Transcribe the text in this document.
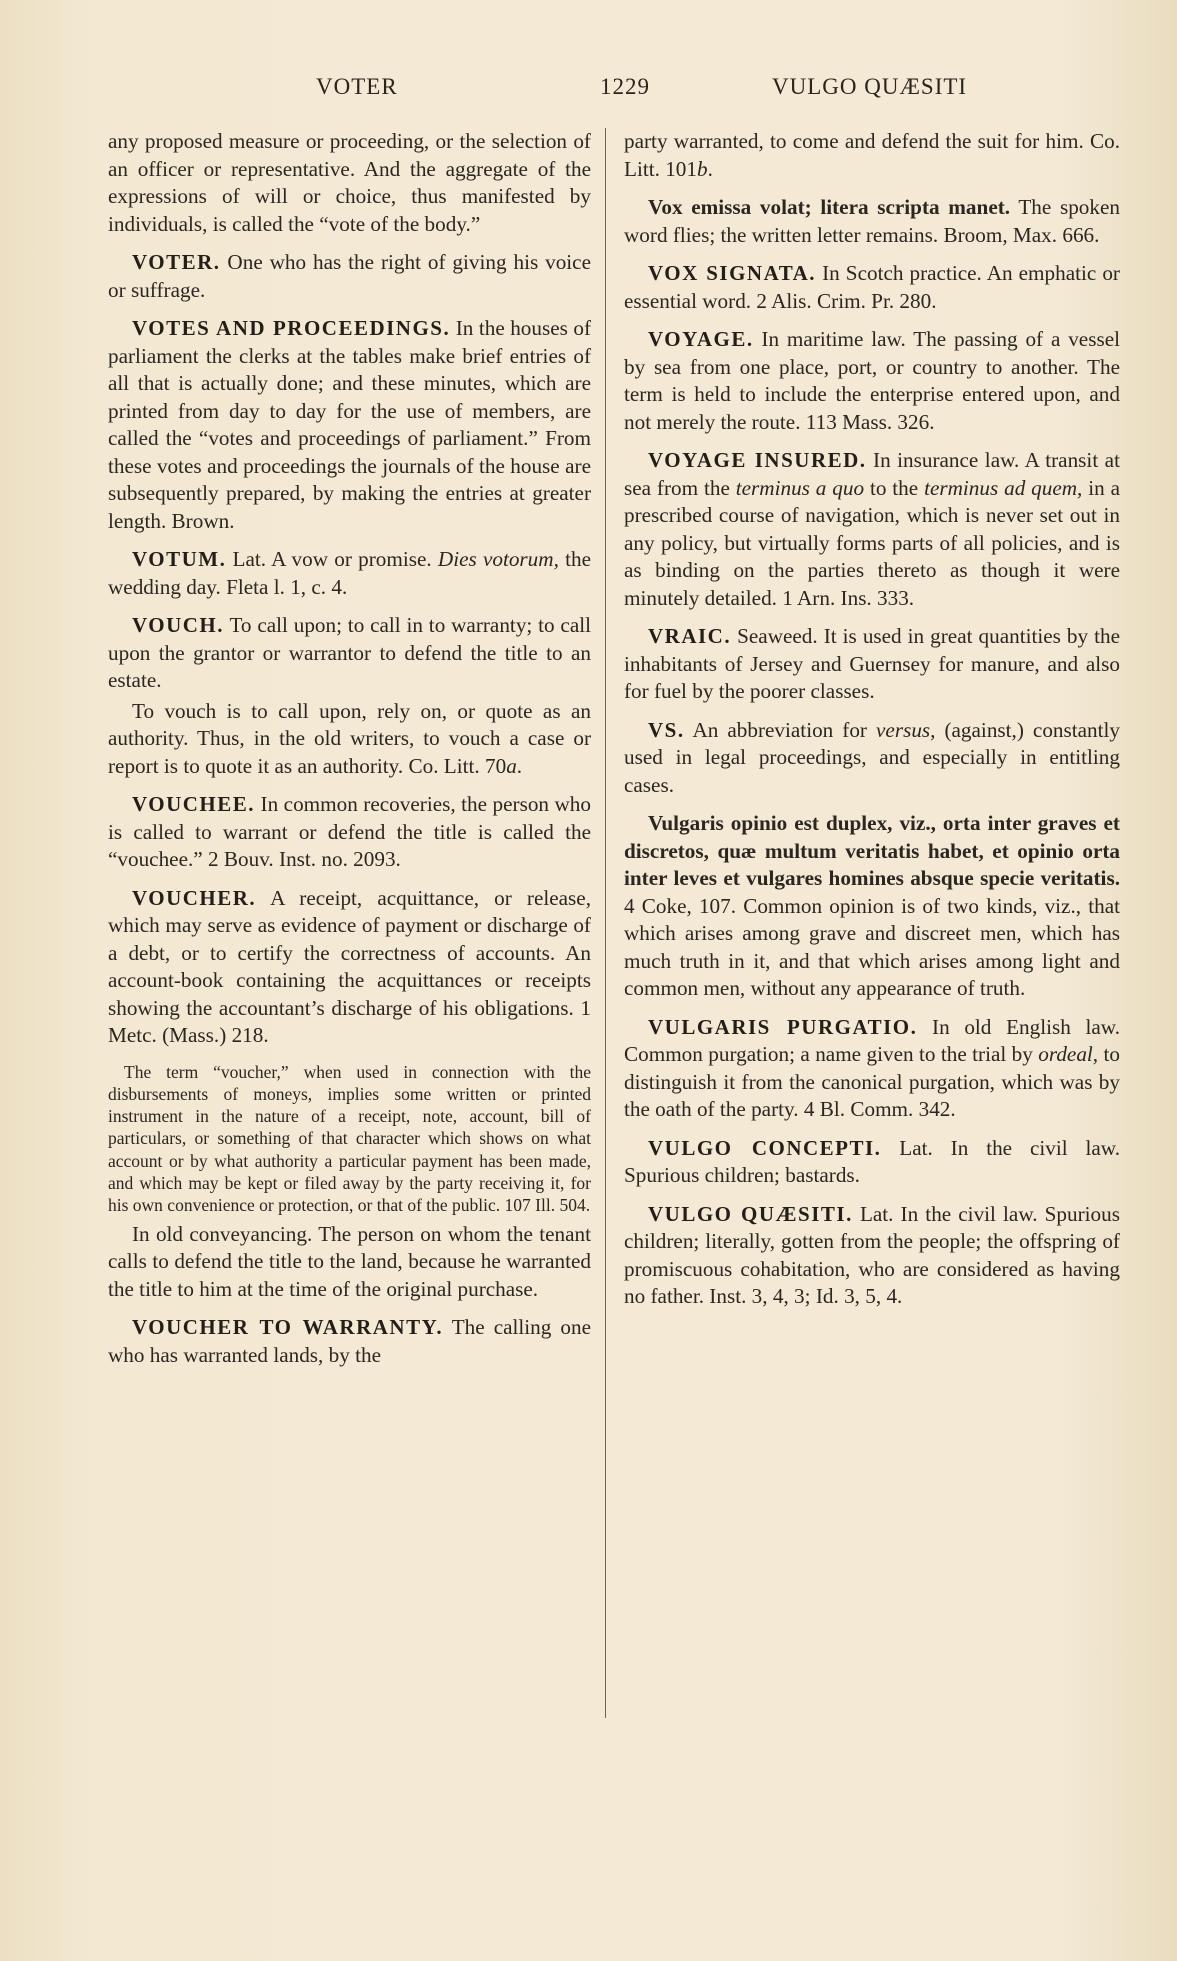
VOTER	1229	VULGO QUÆSITI

any proposed measure or proceeding, or the selection of an officer or representative. And the aggregate of the expressions of will or choice, thus manifested by individuals, is called the “vote of the body.”

VOTER. One who has the right of giving his voice or suffrage.

VOTES AND PROCEEDINGS. In the houses of parliament the clerks at the tables make brief entries of all that is actually done; and these minutes, which are printed from day to day for the use of members, are called the “votes and proceedings of parliament.” From these votes and proceedings the journals of the house are subsequently prepared, by making the entries at greater length. Brown.

VOTUM. Lat. A vow or promise. Dies votorum, the wedding day. Fleta l. 1, c. 4.

VOUCH. To call upon; to call in to warranty; to call upon the grantor or warrantor to defend the title to an estate.

To vouch is to call upon, rely on, or quote as an authority. Thus, in the old writers, to vouch a case or report is to quote it as an authority. Co. Litt. 70a.

VOUCHEE. In common recoveries, the person who is called to warrant or defend the title is called the “vouchee.” 2 Bouv. Inst. no. 2093.

VOUCHER. A receipt, acquittance, or release, which may serve as evidence of payment or discharge of a debt, or to certify the correctness of accounts. An account-book containing the acquittances or receipts showing the accountant’s discharge of his obligations. 1 Metc. (Mass.) 218.

The term “voucher,” when used in connection with the disbursements of moneys, implies some written or printed instrument in the nature of a receipt, note, account, bill of particulars, or something of that character which shows on what account or by what authority a particular payment has been made, and which may be kept or filed away by the party receiving it, for his own convenience or protection, or that of the public. 107 Ill. 504.

In old conveyancing. The person on whom the tenant calls to defend the title to the land, because he warranted the title to him at the time of the original purchase.

VOUCHER TO WARRANTY. The calling one who has warranted lands, by the

party warranted, to come and defend the suit for him. Co. Litt. 101b.

Vox emissa volat; litera scripta manet. The spoken word flies; the written letter remains. Broom, Max. 666.

VOX SIGNATA. In Scotch practice. An emphatic or essential word. 2 Alis. Crim. Pr. 280.

VOYAGE. In maritime law. The passing of a vessel by sea from one place, port, or country to another. The term is held to include the enterprise entered upon, and not merely the route. 113 Mass. 326.

VOYAGE INSURED. In insurance law. A transit at sea from the terminus a quo to the terminus ad quem, in a prescribed course of navigation, which is never set out in any policy, but virtually forms parts of all policies, and is as binding on the parties thereto as though it were minutely detailed. 1 Arn. Ins. 333.

VRAIC. Seaweed. It is used in great quantities by the inhabitants of Jersey and Guernsey for manure, and also for fuel by the poorer classes.

VS. An abbreviation for versus, (against,) constantly used in legal proceedings, and especially in entitling cases.

Vulgaris opinio est duplex, viz., orta inter graves et discretos, quæ multum veritatis habet, et opinio orta inter leves et vulgares homines absque specie veritatis. 4 Coke, 107. Common opinion is of two kinds, viz., that which arises among grave and discreet men, which has much truth in it, and that which arises among light and common men, without any appearance of truth.

VULGARIS PURGATIO. In old English law. Common purgation; a name given to the trial by ordeal, to distinguish it from the canonical purgation, which was by the oath of the party. 4 Bl. Comm. 342.

VULGO CONCEPTI. Lat. In the civil law. Spurious children; bastards.

VULGO QUÆSITI. Lat. In the civil law. Spurious children; literally, gotten from the people; the offspring of promiscuous cohabitation, who are considered as having no father. Inst. 3, 4, 3; Id. 3, 5, 4.
